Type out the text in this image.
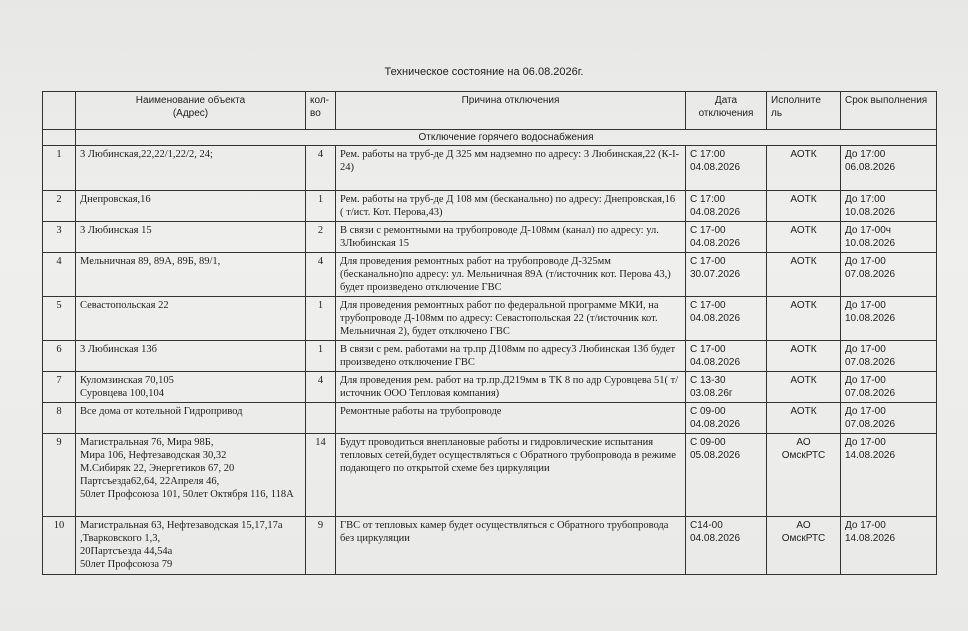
Техническое состояние на 06.08.2026г.
	Наименование объекта
(Адрес)	кол-
во	Причина отключения	Дата
отключения	Исполните
ль	Срок выполнения
	Отключение горячего водоснабжения					
1	3 Любинская,22,22/1,22/2, 24;	4	Рем. работы на труб-де Д 325 мм надземно по адресу: 3 Любинская,22 (К-I-24)	С 17:00
04.08.2026	АОТК	До 17:00
06.08.2026
2	Днепровская,16	1	Рем. работы на труб-де Д 108 мм (бесканально) по адресу: Днепровская,16 ( т/ист. Кот. Перова,43)	С 17:00
04.08.2026	АОТК	До 17:00
10.08.2026
3	3 Любинская 15	2	В связи с ремонтными на трубопроводе Д-108мм (канал) по адресу: ул. 3Любинская 15	С 17-00
04.08.2026	АОТК	До 17-00ч
10.08.2026
4	Мельничная 89, 89А, 89Б, 89/1,	4	Для проведения ремонтных работ на трубопроводе Д-325мм (бесканально)по адресу: ул. Мельничная 89А (т/источник кот. Перова 43,) будет произведено отключение ГВС	С 17-00
30.07.2026	АОТК	До 17-00
07.08.2026
5	Севастопольская 22	1	Для проведения ремонтных работ по федеральной программе МКИ, на трубопроводе Д-108мм по адресу: Севастопольская 22 (т/источник кот. Мельничная 2), будет отключено ГВС	С 17-00
04.08.2026	АОТК	До 17-00
10.08.2026
6	3 Любинская 13б	1	В связи с рем. работами на тр.пр Д108мм по адресу3 Любинская 13б будет произведено отключение ГВС	С 17-00
04.08.2026	АОТК	До 17-00
07.08.2026
7	Куломзинская 70,105
Суровцева 100,104	4	Для проведения рем. работ на тр.пр.Д219мм в ТК 8 по адр Суровцева 51( т/источник ООО Тепловая компания)	С 13-30
03.08.26г	АОТК	До 17-00
07.08.2026
8	Все дома от котельной Гидропривод		Ремонтные работы на трубопроводе	С 09-00
04.08.2026	АОТК	До 17-00
07.08.2026
9	Магистральная 76, Мира 98Б,
Мира 106, Нефтезаводская 30,32
М.Сибиряк 22, Энергетиков 67, 20 Партсъезда62,64, 22Апреля 46,
50лет Профсоюза 101, 50лет Октября 116, 118А	14	Будут проводиться внеплановые работы и гидровлические испытания тепловых сетей,будет осуществляться с Обратного трубопровода в режиме подающего по открытой схеме без циркуляции	С 09-00
05.08.2026	АО
ОмскРТС	До 17-00
14.08.2026
10	Магистральная 63, Нефтезаводская 15,17,17а ,Тварковского 1,3,
20Партсъезда 44,54а
50лет Профсоюза 79	9	ГВС от тепловых камер будет осуществляться с Обратного трубопровода без циркуляции	С14-00
04.08.2026	АО
ОмскРТС	До 17-00
14.08.2026
